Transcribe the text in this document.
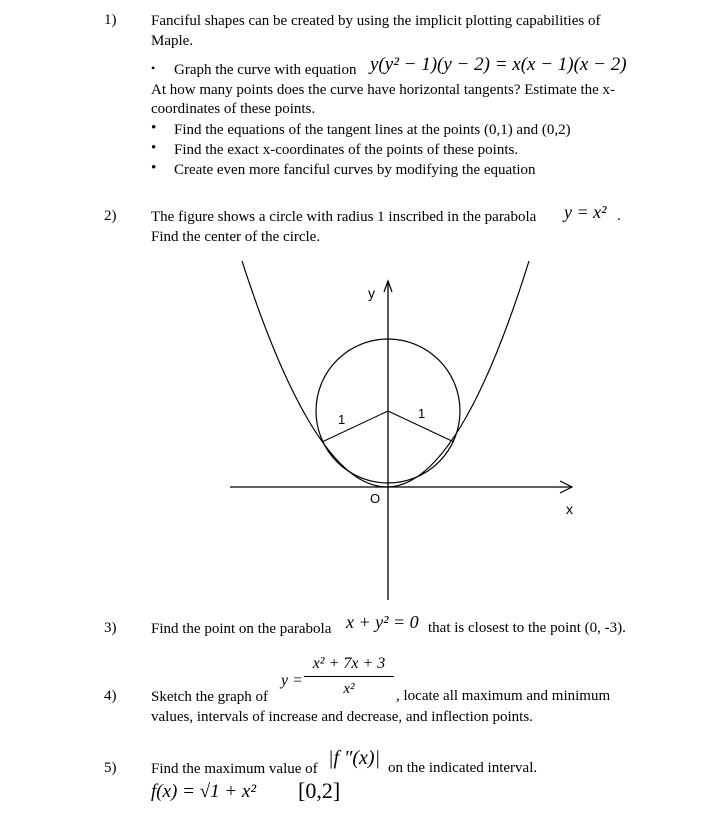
1) Fanciful shapes can be created by using the implicit plotting capabilities of
Maple.
• Graph the curve with equation y(y² − 1)(y − 2) = x(x − 1)(x − 2)
At how many points does the curve have horizontal tangents? Estimate the x-
coordinates of these points.
• Find the equations of the tangent lines at the points (0,1) and (0,2)
• Find the exact x-coordinates of the points of these points.
• Create even more fanciful curves by modifying the equation
2) The figure shows a circle with radius 1 inscribed in the parabola y = x² .
Find the center of the circle.
y
x
O
1	1
3) Find the point on the parabola x + y² = 0 that is closest to the point (0, -3).
x² + 7x + 3
y =	x²
4) Sketch the graph of	, locate all maximum and minimum
values, intervals of increase and decrease, and inflection points.
5) Find the maximum value of |f ″(x)| on the indicated interval.
f(x) = √1 + x² [0,2]
